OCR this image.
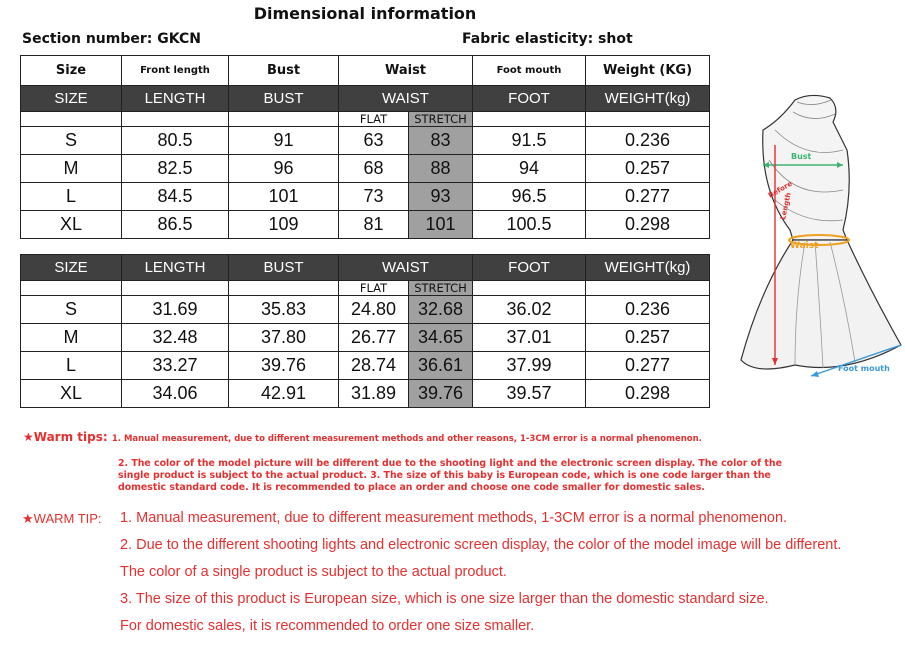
Dimensional information
Section number: GKCN	Fabric elasticity: shot
Size	Front length	Bust	Waist		Foot mouth	Weight (KG)
SIZE	LENGTH	BUST	WAIST		FOOT	WEIGHT(kg)
			FLAT	STRETCH		
S	80.5	91	63	83	91.5	0.236
M	82.5	96	68	88	94	0.257
L	84.5	101	73	93	96.5	0.277
XL	86.5	109	81	101	100.5	0.298
SIZE	LENGTH	BUST	WAIST		FOOT	WEIGHT(kg)
			FLAT	STRETCH		
S	31.69	35.83	24.80	32.68	36.02	0.236
M	32.48	37.80	26.77	34.65	37.01	0.257
L	33.27	39.76	28.74	36.61	37.99	0.277
XL	34.06	42.91	31.89	39.76	39.57	0.298
Bust
Before
Length
Waist
Foot mouth
★Warm tips: 1. Manual measurement, due to different measurement methods and other reasons, 1-3CM error is a normal phenomenon.
2. The color of the model picture will be different due to the shooting light and the electronic screen display. The color of the single product is subject to the actual product. 3. The size of this baby is European code, which is one code larger than the domestic standard code. It is recommended to place an order and choose one code smaller for domestic sales.
★WARM TIP: 1. Manual measurement, due to different measurement methods, 1-3CM error is a normal phenomenon.
2. Due to the different shooting lights and electronic screen display, the color of the model image will be different.
The color of a single product is subject to the actual product.
3. The size of this product is European size, which is one size larger than the domestic standard size.
For domestic sales, it is recommended to order one size smaller.
